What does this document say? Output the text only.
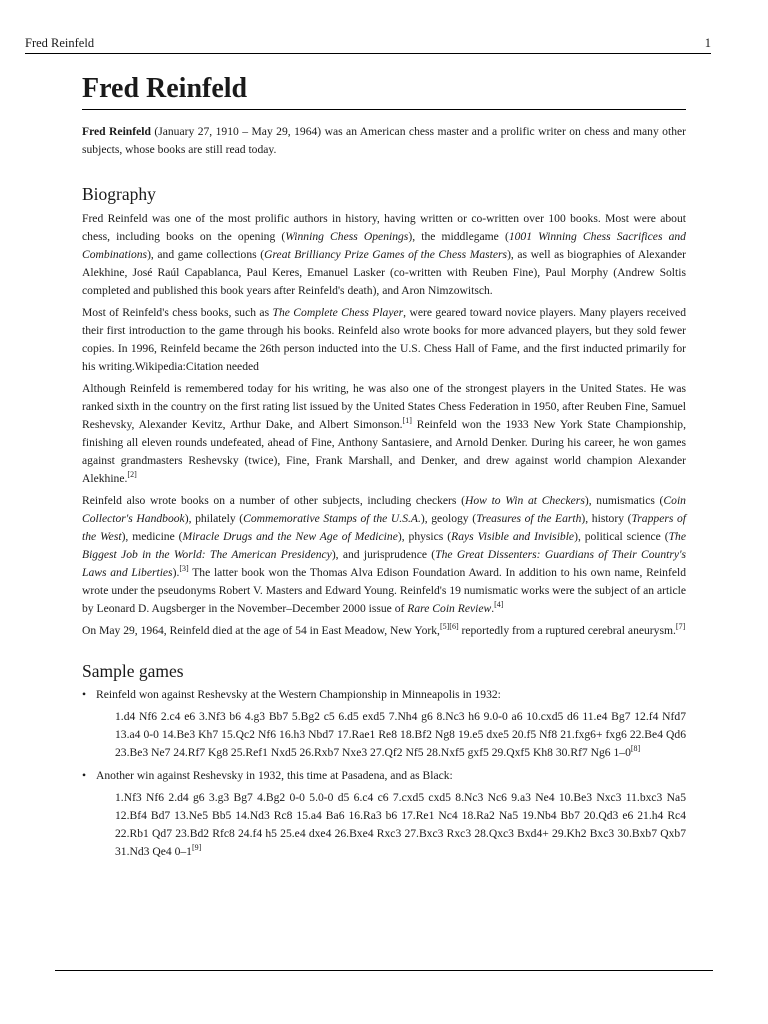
Fred Reinfeld	1
Fred Reinfeld

Fred Reinfeld (January 27, 1910 – May 29, 1964) was an American chess master and a prolific writer on chess and many other subjects, whose books are still read today.

Biography

Fred Reinfeld was one of the most prolific authors in history, having written or co-written over 100 books. Most were about chess, including books on the opening (Winning Chess Openings), the middlegame (1001 Winning Chess Sacrifices and Combinations), and game collections (Great Brilliancy Prize Games of the Chess Masters), as well as biographies of Alexander Alekhine, José Raúl Capablanca, Paul Keres, Emanuel Lasker (co-written with Reuben Fine), Paul Morphy (Andrew Soltis completed and published this book years after Reinfeld's death), and Aron Nimzowitsch.

Most of Reinfeld's chess books, such as The Complete Chess Player, were geared toward novice players. Many players received their first introduction to the game through his books. Reinfeld also wrote books for more advanced players, but they sold fewer copies. In 1996, Reinfeld became the 26th person inducted into the U.S. Chess Hall of Fame, and the first inducted primarily for his writing.Wikipedia:Citation needed

Although Reinfeld is remembered today for his writing, he was also one of the strongest players in the United States. He was ranked sixth in the country on the first rating list issued by the United States Chess Federation in 1950, after Reuben Fine, Samuel Reshevsky, Alexander Kevitz, Arthur Dake, and Albert Simonson.[1] Reinfeld won the 1933 New York State Championship, finishing all eleven rounds undefeated, ahead of Fine, Anthony Santasiere, and Arnold Denker. During his career, he won games against grandmasters Reshevsky (twice), Fine, Frank Marshall, and Denker, and drew against world champion Alexander Alekhine.[2]

Reinfeld also wrote books on a number of other subjects, including checkers (How to Win at Checkers), numismatics (Coin Collector's Handbook), philately (Commemorative Stamps of the U.S.A.), geology (Treasures of the Earth), history (Trappers of the West), medicine (Miracle Drugs and the New Age of Medicine), physics (Rays Visible and Invisible), political science (The Biggest Job in the World: The American Presidency), and jurisprudence (The Great Dissenters: Guardians of Their Country's Laws and Liberties).[3] The latter book won the Thomas Alva Edison Foundation Award. In addition to his own name, Reinfeld wrote under the pseudonyms Robert V. Masters and Edward Young. Reinfeld's 19 numismatic works were the subject of an article by Leonard D. Augsberger in the November–December 2000 issue of Rare Coin Review.[4]

On May 29, 1964, Reinfeld died at the age of 54 in East Meadow, New York,[5][6] reportedly from a ruptured cerebral aneurysm.[7]

Sample games
• Reinfeld won against Reshevsky at the Western Championship in Minneapolis in 1932:

1.d4 Nf6 2.c4 e6 3.Nf3 b6 4.g3 Bb7 5.Bg2 c5 6.d5 exd5 7.Nh4 g6 8.Nc3 h6 9.0-0 a6 10.cxd5 d6 11.e4 Bg7 12.f4 Nfd7 13.a4 0-0 14.Be3 Kh7 15.Qc2 Nf6 16.h3 Nbd7 17.Rae1 Re8 18.Bf2 Ng8 19.e5 dxe5 20.f5 Nf8 21.fxg6+ fxg6 22.Be4 Qd6 23.Be3 Ne7 24.Rf7 Kg8 25.Ref1 Nxd5 26.Rxb7 Nxe3 27.Qf2 Nf5 28.Nxf5 gxf5 29.Qxf5 Kh8 30.Rf7 Ng6 1–0[8]

• Another win against Reshevsky in 1932, this time at Pasadena, and as Black:

1.Nf3 Nf6 2.d4 g6 3.g3 Bg7 4.Bg2 0-0 5.0-0 d5 6.c4 c6 7.cxd5 cxd5 8.Nc3 Nc6 9.a3 Ne4 10.Be3 Nxc3 11.bxc3 Na5 12.Bf4 Bd7 13.Ne5 Bb5 14.Nd3 Rc8 15.a4 Ba6 16.Ra3 b6 17.Re1 Nc4 18.Ra2 Na5 19.Nb4 Bb7 20.Qd3 e6 21.h4 Rc4 22.Rb1 Qd7 23.Bd2 Rfc8 24.f4 h5 25.e4 dxe4 26.Bxe4 Rxc3 27.Bxc3 Rxc3 28.Qxc3 Bxd4+ 29.Kh2 Bxc3 30.Bxb7 Qxb7 31.Nd3 Qe4 0–1[9]
